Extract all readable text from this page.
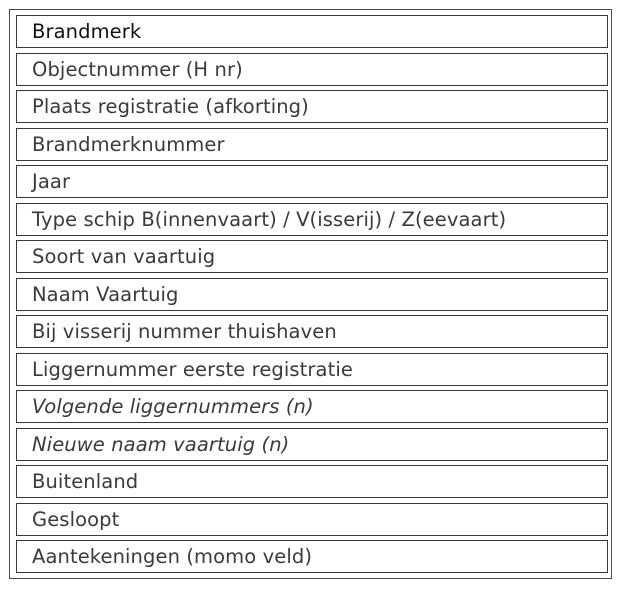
Brandmerk
Objectnummer (H nr)
Plaats registratie (afkorting)
Brandmerknummer
Jaar
Type schip B(innenvaart) / V(isserij) / Z(eevaart)
Soort van vaartuig
Naam Vaartuig
Bij visserij nummer thuishaven
Liggernummer eerste registratie
Volgende liggernummers (n)
Nieuwe naam vaartuig (n)
Buitenland
Gesloopt
Aantekeningen (momo veld)
